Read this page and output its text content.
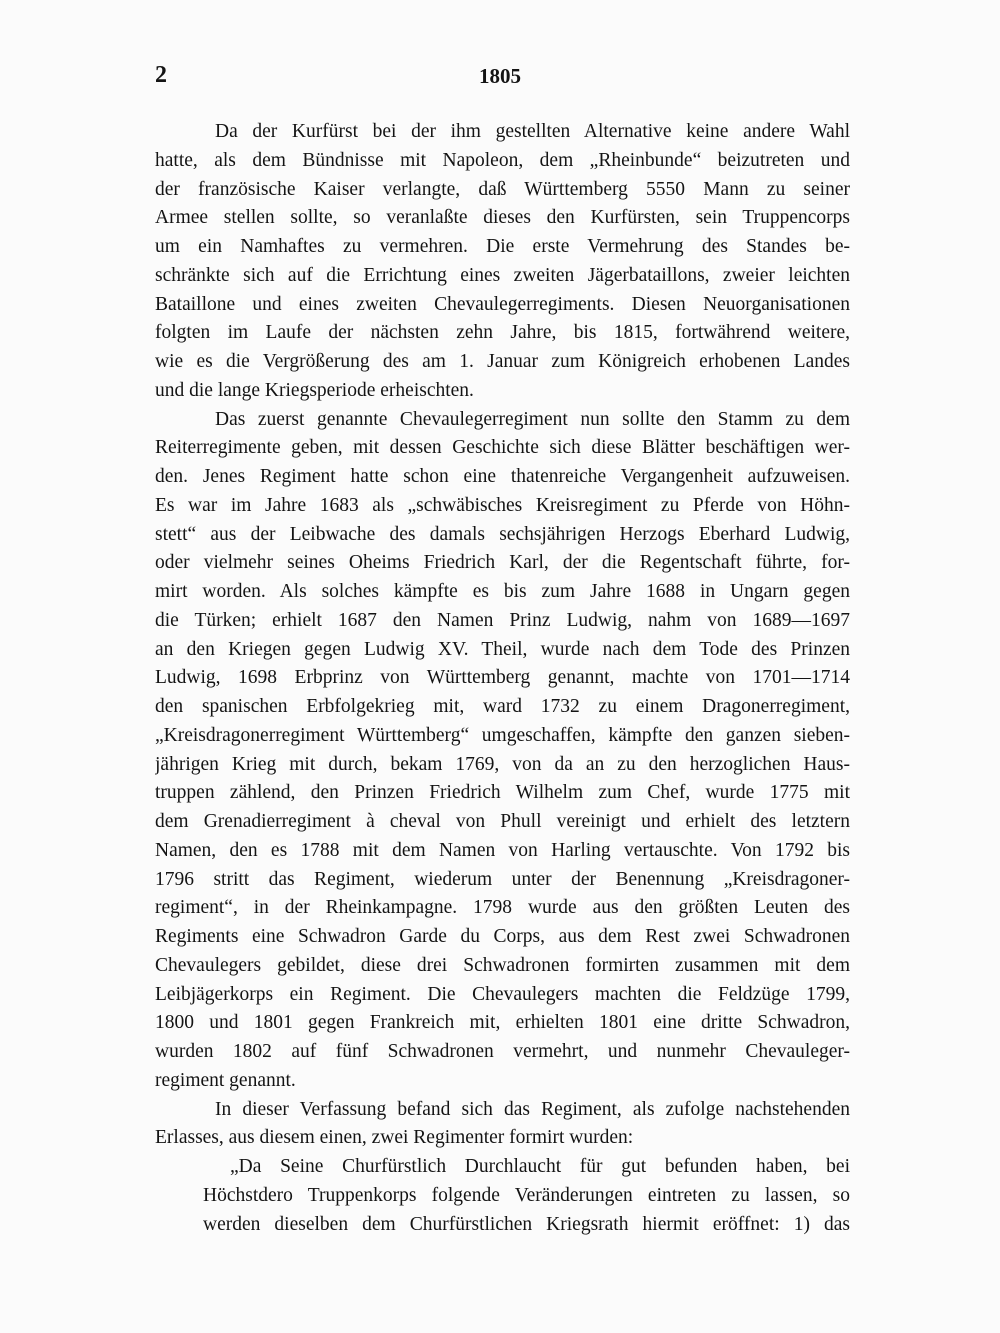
2	1805
Da der Kurfürst bei der ihm gestellten Alternative keine andere Wahl
hatte, als dem Bündnisse mit Napoleon, dem „Rheinbunde“ beizutreten und
der französische Kaiser verlangte, daß Württemberg 5550 Mann zu seiner
Armee stellen sollte, so veranlaßte dieses den Kurfürsten, sein Truppencorps
um ein Namhaftes zu vermehren. Die erste Vermehrung des Standes be-
schränkte sich auf die Errichtung eines zweiten Jägerbataillons, zweier leichten
Bataillone und eines zweiten Chevaulegerregiments. Diesen Neuorganisationen
folgten im Laufe der nächsten zehn Jahre, bis 1815, fortwährend weitere,
wie es die Vergrößerung des am 1. Januar zum Königreich erhobenen Landes
und die lange Kriegsperiode erheischten.
Das zuerst genannte Chevaulegerregiment nun sollte den Stamm zu dem
Reiterregimente geben, mit dessen Geschichte sich diese Blätter beschäftigen wer-
den. Jenes Regiment hatte schon eine thatenreiche Vergangenheit aufzuweisen.
Es war im Jahre 1683 als „schwäbisches Kreisregiment zu Pferde von Höhn-
stett“ aus der Leibwache des damals sechsjährigen Herzogs Eberhard Ludwig,
oder vielmehr seines Oheims Friedrich Karl, der die Regentschaft führte, for-
mirt worden. Als solches kämpfte es bis zum Jahre 1688 in Ungarn gegen
die Türken; erhielt 1687 den Namen Prinz Ludwig, nahm von 1689—1697
an den Kriegen gegen Ludwig XV. Theil, wurde nach dem Tode des Prinzen
Ludwig, 1698 Erbprinz von Württemberg genannt, machte von 1701—1714
den spanischen Erbfolgekrieg mit, ward 1732 zu einem Dragonerregiment,
„Kreisdragonerregiment Württemberg“ umgeschaffen, kämpfte den ganzen sieben-
jährigen Krieg mit durch, bekam 1769, von da an zu den herzoglichen Haus-
truppen zählend, den Prinzen Friedrich Wilhelm zum Chef, wurde 1775 mit
dem Grenadierregiment à cheval von Phull vereinigt und erhielt des letztern
Namen, den es 1788 mit dem Namen von Harling vertauschte. Von 1792 bis
1796 stritt das Regiment, wiederum unter der Benennung „Kreisdragoner-
regiment“, in der Rheinkampagne. 1798 wurde aus den größten Leuten des
Regiments eine Schwadron Garde du Corps, aus dem Rest zwei Schwadronen
Chevaulegers gebildet, diese drei Schwadronen formirten zusammen mit dem
Leibjägerkorps ein Regiment. Die Chevaulegers machten die Feldzüge 1799,
1800 und 1801 gegen Frankreich mit, erhielten 1801 eine dritte Schwadron,
wurden 1802 auf fünf Schwadronen vermehrt, und nunmehr Chevauleger-
regiment genannt.
In dieser Verfassung befand sich das Regiment, als zufolge nachstehenden
Erlasses, aus diesem einen, zwei Regimenter formirt wurden:
„Da Seine Churfürstlich Durchlaucht für gut befunden haben, bei
Höchstdero Truppenkorps folgende Veränderungen eintreten zu lassen, so
werden dieselben dem Churfürstlichen Kriegsrath hiermit eröffnet: 1) das
